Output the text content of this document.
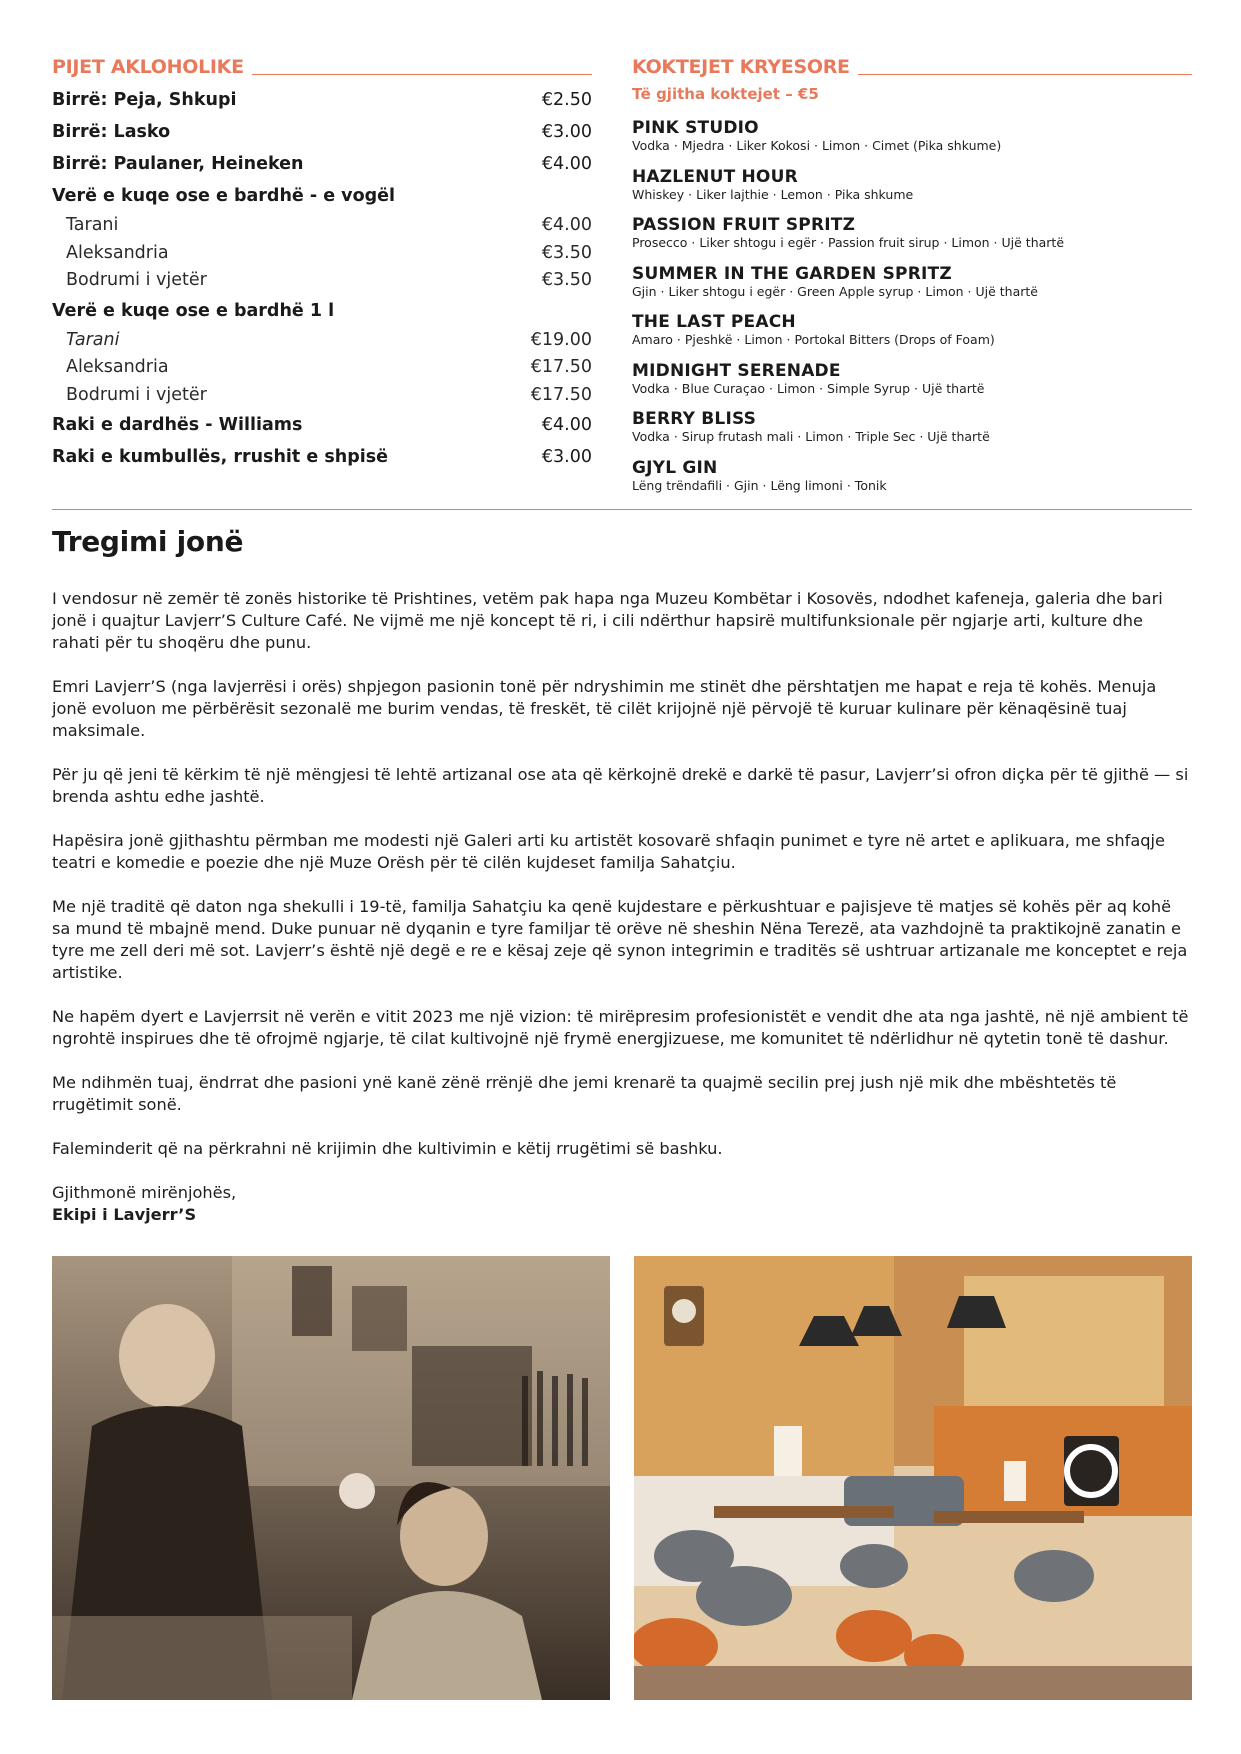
PIJET AKLOHOLIKE
Birrë: Peja, Shkupi	€2.50
Birrë: Lasko	€3.00
Birrë: Paulaner, Heineken	€4.00
Verë e kuqe ose e bardhë - e vogël
Tarani	€4.00
Aleksandria	€3.50
Bodrumi i vjetër	€3.50
Verë e kuqe ose e bardhë 1 l
Tarani	€19.00
Aleksandria	€17.50
Bodrumi i vjetër	€17.50
Raki e dardhës - Williams	€4.00
Raki e kumbullës, rrushit e shpisë	€3.00
KOKTEJET KRYESORE
Të gjitha koktejet – €5
PINK STUDIO
Vodka · Mjedra · Liker Kokosi · Limon · Cimet (Pika shkume)
HAZLENUT HOUR
Whiskey · Liker lajthie · Lemon · Pika shkume
PASSION FRUIT SPRITZ
Prosecco · Liker shtogu i egër · Passion fruit sirup · Limon · Ujë thartë
SUMMER IN THE GARDEN SPRITZ
Gjin · Liker shtogu i egër · Green Apple syrup · Limon · Ujë thartë
THE LAST PEACH
Amaro · Pjeshkë · Limon · Portokal Bitters (Drops of Foam)
MIDNIGHT SERENADE
Vodka · Blue Curaçao · Limon · Simple Syrup · Ujë thartë
BERRY BLISS
Vodka · Sirup frutash mali · Limon · Triple Sec · Ujë thartë
GJYL GIN
Lëng trëndafili · Gjin · Lëng limoni · Tonik
Tregimi jonë

I vendosur në zemër të zonës historike të Prishtines, vetëm pak hapa nga Muzeu Kombëtar i Kosovës, ndodhet kafeneja, galeria dhe bari jonë i quajtur Lavjerr’S Culture Café. Ne vijmë me një koncept të ri, i cili ndërthur hapsirë multifunksionale për ngjarje arti, kulture dhe rahati për tu shoqëru dhe punu.

Emri Lavjerr’S (nga lavjerrësi i orës) shpjegon pasionin tonë për ndryshimin me stinët dhe përshtatjen me hapat e reja të kohës. Menuja jonë evoluon me përbërësit sezonalë me burim vendas, të freskët, të cilët krijojnë një përvojë të kuruar kulinare për kënaqësinë tuaj maksimale.

Për ju që jeni të kërkim të një mëngjesi të lehtë artizanal ose ata që kërkojnë drekë e darkë të pasur, Lavjerr’si ofron diçka për të gjithë — si brenda ashtu edhe jashtë.

Hapësira jonë gjithashtu përmban me modesti një Galeri arti ku artistët kosovarë shfaqin punimet e tyre në artet e aplikuara, me shfaqje teatri e komedie e poezie dhe një Muze Orësh për të cilën kujdeset familja Sahatçiu.

Me një traditë që daton nga shekulli i 19-të, familja Sahatçiu ka qenë kujdestare e përkushtuar e pajisjeve të matjes së kohës për aq kohë sa mund të mbajnë mend. Duke punuar në dyqanin e tyre familjar të orëve në sheshin Nëna Terezë, ata vazhdojnë ta praktikojnë zanatin e tyre me zell deri më sot. Lavjerr’s është një degë e re e kësaj zeje që synon integrimin e traditës së ushtruar artizanale me konceptet e reja artistike.

Ne hapëm dyert e Lavjerrsit në verën e vitit 2023 me një vizion: të mirëpresim profesionistët e vendit dhe ata nga jashtë, në një ambient të ngrohtë inspirues dhe të ofrojmë ngjarje, të cilat kultivojnë një frymë energjizuese, me komunitet të ndërlidhur në qytetin tonë të dashur.

Me ndihmën tuaj, ëndrrat dhe pasioni ynë kanë zënë rrënjë dhe jemi krenarë ta quajmë secilin prej jush një mik dhe mbështetës të rrugëtimit sonë.

Faleminderit që na përkrahni në krijimin dhe kultivimin e këtij rrugëtimi së bashku.

Gjithmonë mirënjohës,

Ekipi i Lavjerr’S
